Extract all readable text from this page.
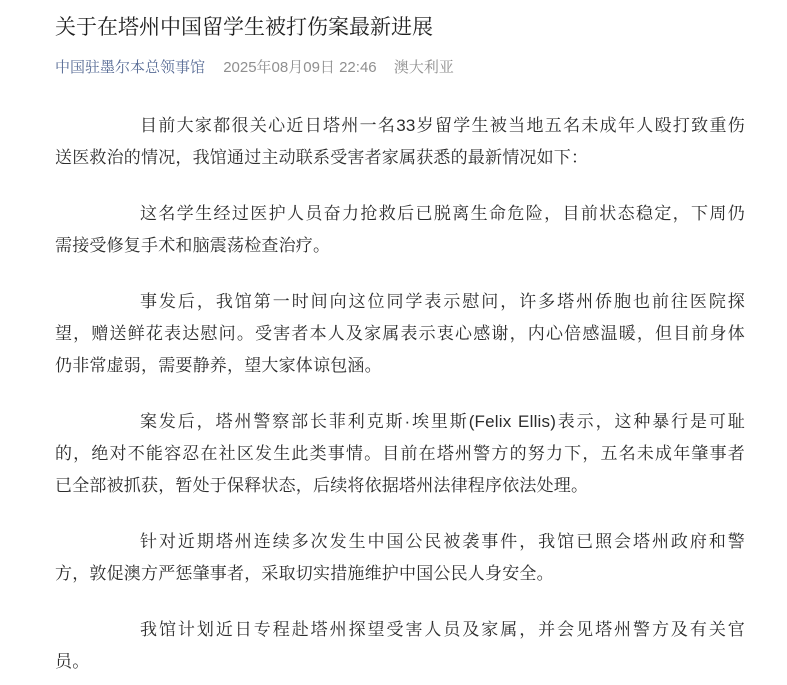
关于在塔州中国留学生被打伤案最新进展
中国驻墨尔本总领事馆 2025年08月09日 22:46 澳大利亚
目前大家都很关心近日塔州一名33岁留学生被当地五名未成年人殴打致重伤
送医救治的情况，我馆通过主动联系受害者家属获悉的最新情况如下：
这名学生经过医护人员奋力抢救后已脱离生命危险，目前状态稳定，下周仍
需接受修复手术和脑震荡检查治疗。
事发后，我馆第一时间向这位同学表示慰问，许多塔州侨胞也前往医院探
望，赠送鲜花表达慰问。受害者本人及家属表示衷心感谢，内心倍感温暖，但目前身体
仍非常虚弱，需要静养，望大家体谅包涵。
案发后，塔州警察部长菲利克斯·埃里斯(Felix Ellis)表示，这种暴行是可耻
的，绝对不能容忍在社区发生此类事情。目前在塔州警方的努力下，五名未成年肇事者
已全部被抓获，暂处于保释状态，后续将依据塔州法律程序依法处理。
针对近期塔州连续多次发生中国公民被袭事件，我馆已照会塔州政府和警
方，敦促澳方严惩肇事者，采取切实措施维护中国公民人身安全。
我馆计划近日专程赴塔州探望受害人员及家属，并会见塔州警方及有关官
员。
